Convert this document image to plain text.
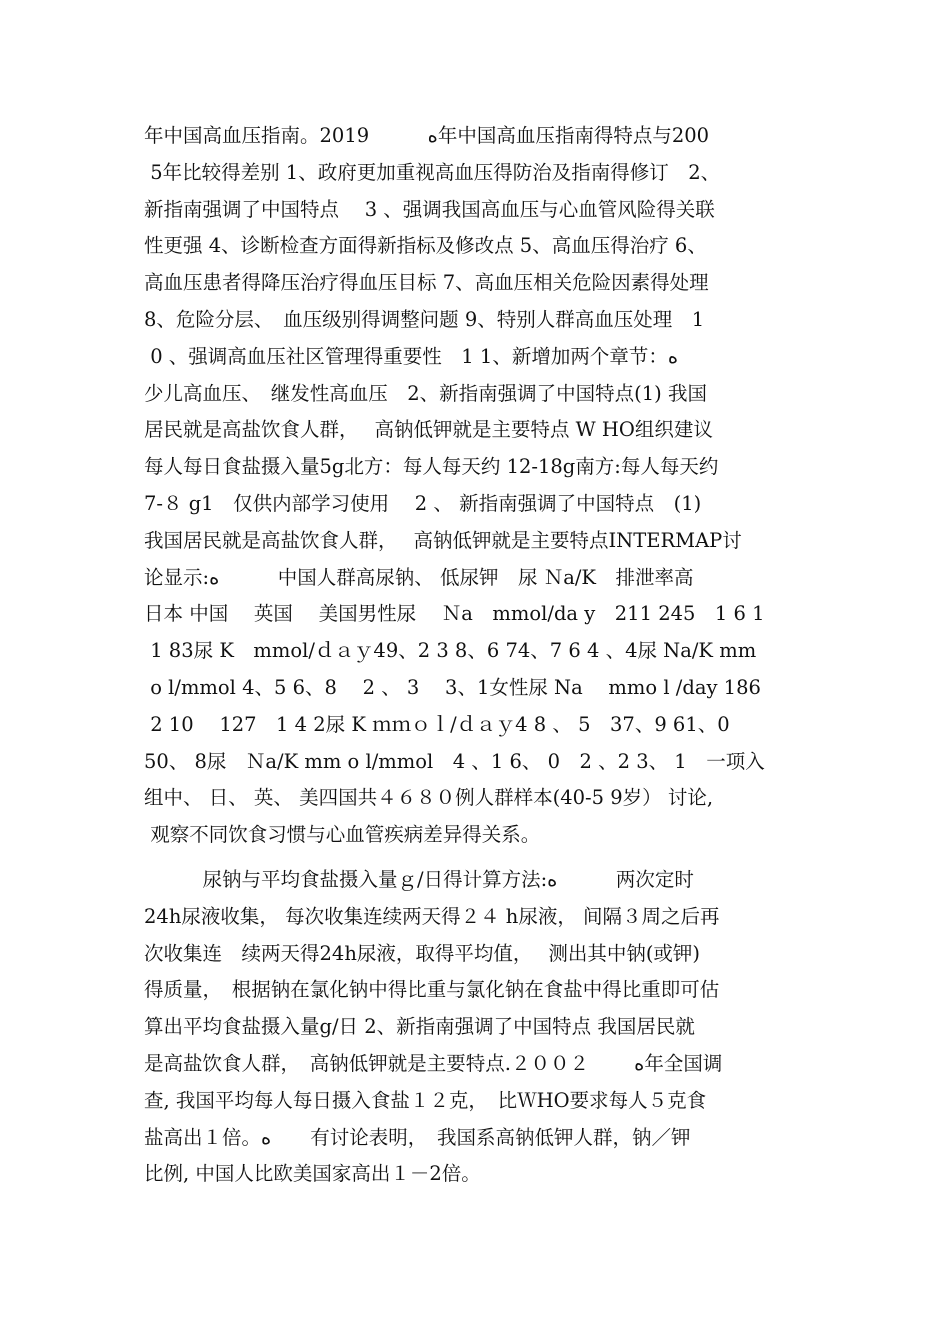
年中国高血压指南。2019　　　ﻩ年中国高血压指南得特点与200
5年比较得差别 1、政府更加重视高血压得防治及指南得修订　2、
新指南强调了中国特点　 3 、强调我国高血压与心血管风险得关联
性更强 4、诊断检查方面得新指标及修改点 5、高血压得治疗 6、
高血压患者得降压治疗得血压目标 7、高血压相关危险因素得处理
8、危险分层、　血压级别得调整问题 9、特别人群高血压处理　1
0 、强调高血压社区管理得重要性　1 1、新增加两个章节：ﻩ
少儿高血压、　继发性高血压　2、新指南强调了中国特点(1) 我国
居民就是高盐饮食人群，　 高钠低钾就是主要特点 W HO组织建议
每人每日食盐摄入量5g北方：每人每天约 12-18g南方:每人每天约
7-８ g1　仅供内部学习使用　 2 、 新指南强调了中国特点　(1)
我国居民就是高盐饮食人群，　 高钠低钾就是主要特点INTERMAP讨
论显示:ﻩ　　　中国人群高尿钠、 低尿钾　尿 Ｎa/K　排泄率高
日本 中国　 英国　 美国男性尿　 Ｎa　mmol/da y　211 245　1 6 1
1 83尿 K　mmol/ｄａｙ49、2 3 8、6 74、7 6 4 、4尿 Na/K mm
o l/mmol 4、5 6、8　 2 、 3　 3、1女性尿 Na　 mmo l /day 186
2 10　 127　1 4 2尿 K ｍｍｏｌ/ｄａｙ4 8 、 5　37、9 61、0
50、 8尿　Ｎa/K mm o l/mmol　4 、1 6、 0　2 、2 3、 1　一项入
组中、 日、 英、 美四国共４６８０例人群样本(40-5 9岁） 讨论,
观察不同饮食习惯与心血管疾病差异得关系。
　　　尿钠与平均食盐摄入量ｇ/日得计算方法:ﻩ　　　两次定时
24h尿液收集， 每次收集连续两天得２４ h尿液， 间隔３周之后再
次收集连　续两天得24h尿液，取得平均值，　 测出其中钠(或钾)
得质量，　根据钠在氯化钠中得比重与氯化钠在食盐中得比重即可估
算出平均食盐摄入量g/日 2、新指南强调了中国特点 我国居民就
是高盐饮食人群，　高钠低钾就是主要特点.２００２　　 ﻩ年全国调
查, 我国平均每人每日摄入食盐１２克，　比ＷHO要求每人５克食
盐高出１倍。ﻩ　　有讨论表明，　我国系高钠低钾人群，钠／钾
比例, 中国人比欧美国家高出１－2倍。
